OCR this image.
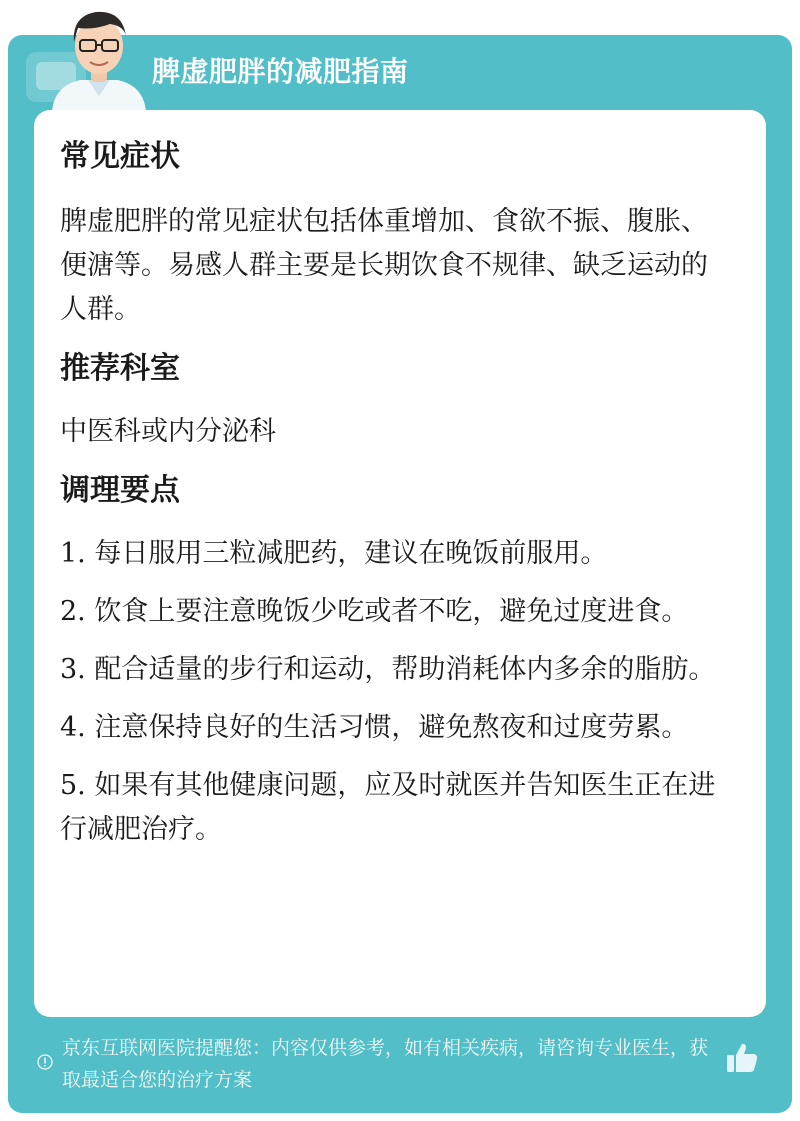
脾虚肥胖的减肥指南
常见症状

脾虚肥胖的常见症状包括体重增加、食欲不振、腹胀、便溏等。易感人群主要是长期饮食不规律、缺乏运动的人群。

推荐科室

中医科或内分泌科

调理要点
1. 每日服用三粒减肥药，建议在晚饭前服用。
2. 饮食上要注意晚饭少吃或者不吃，避免过度进食。
3. 配合适量的步行和运动，帮助消耗体内多余的脂肪。
4. 注意保持良好的生活习惯，避免熬夜和过度劳累。
5. 如果有其他健康问题，应及时就医并告知医生正在进行减肥治疗。
京东互联网医院提醒您：内容仅供参考，如有相关疾病，请咨询专业医生，获取最适合您的治疗方案
